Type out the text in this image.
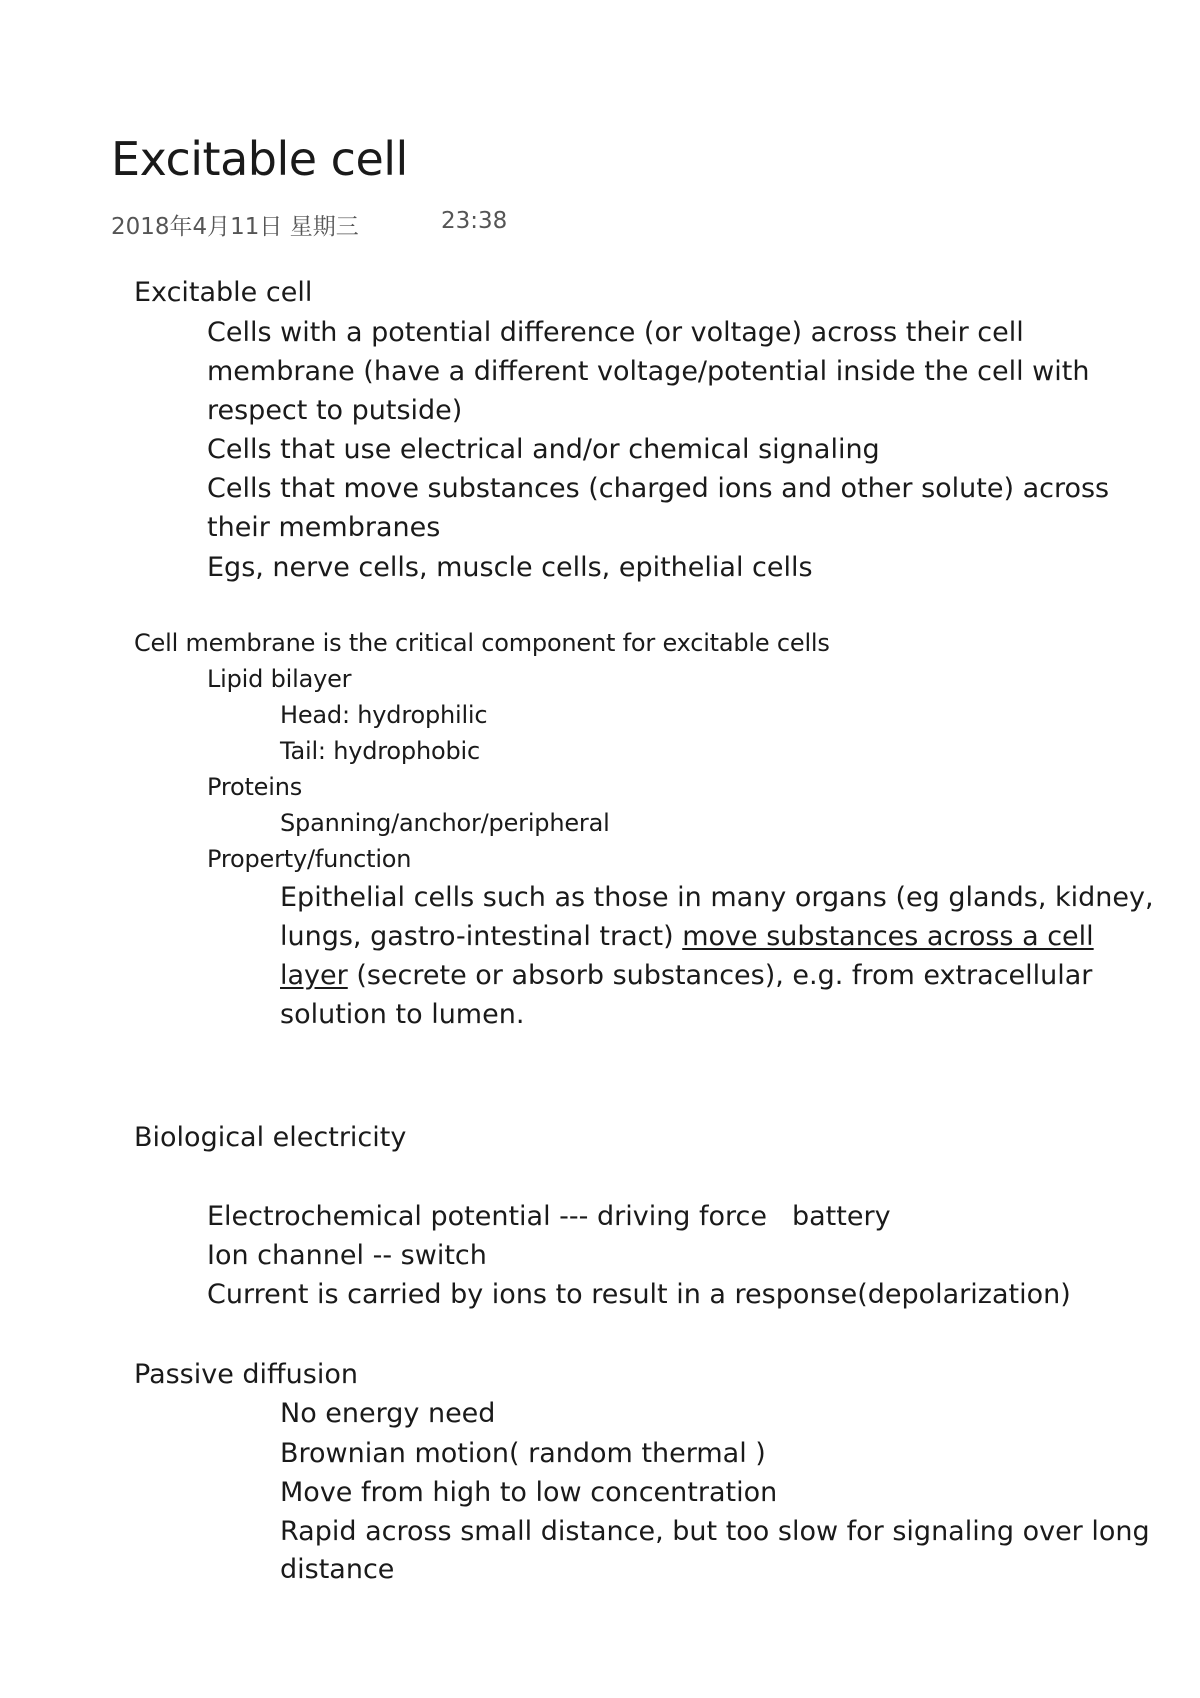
Excitable cell
2018年4月11日 星期三	23:38
Excitable cell
Cells with a potential difference (or voltage) across their cell
membrane (have a different voltage/potential inside the cell with
respect to putside)
Cells that use electrical and/or chemical signaling
Cells that move substances (charged ions and other solute) across
their membranes
Egs, nerve cells, muscle cells, epithelial cells
Cell membrane is the critical component for excitable cells
Lipid bilayer
Head: hydrophilic
Tail: hydrophobic
Proteins
Spanning/anchor/peripheral
Property/function
Epithelial cells such as those in many organs (eg glands, kidney,
lungs, gastro-intestinal tract) move substances across a cell
layer (secrete or absorb substances), e.g. from extracellular
solution to lumen.
Biological electricity
Electrochemical potential --- driving force battery
Ion channel -- switch
Current is carried by ions to result in a response(depolarization)
Passive diffusion
No energy need
Brownian motion( random thermal )
Move from high to low concentration
Rapid across small distance, but too slow for signaling over long
distance
